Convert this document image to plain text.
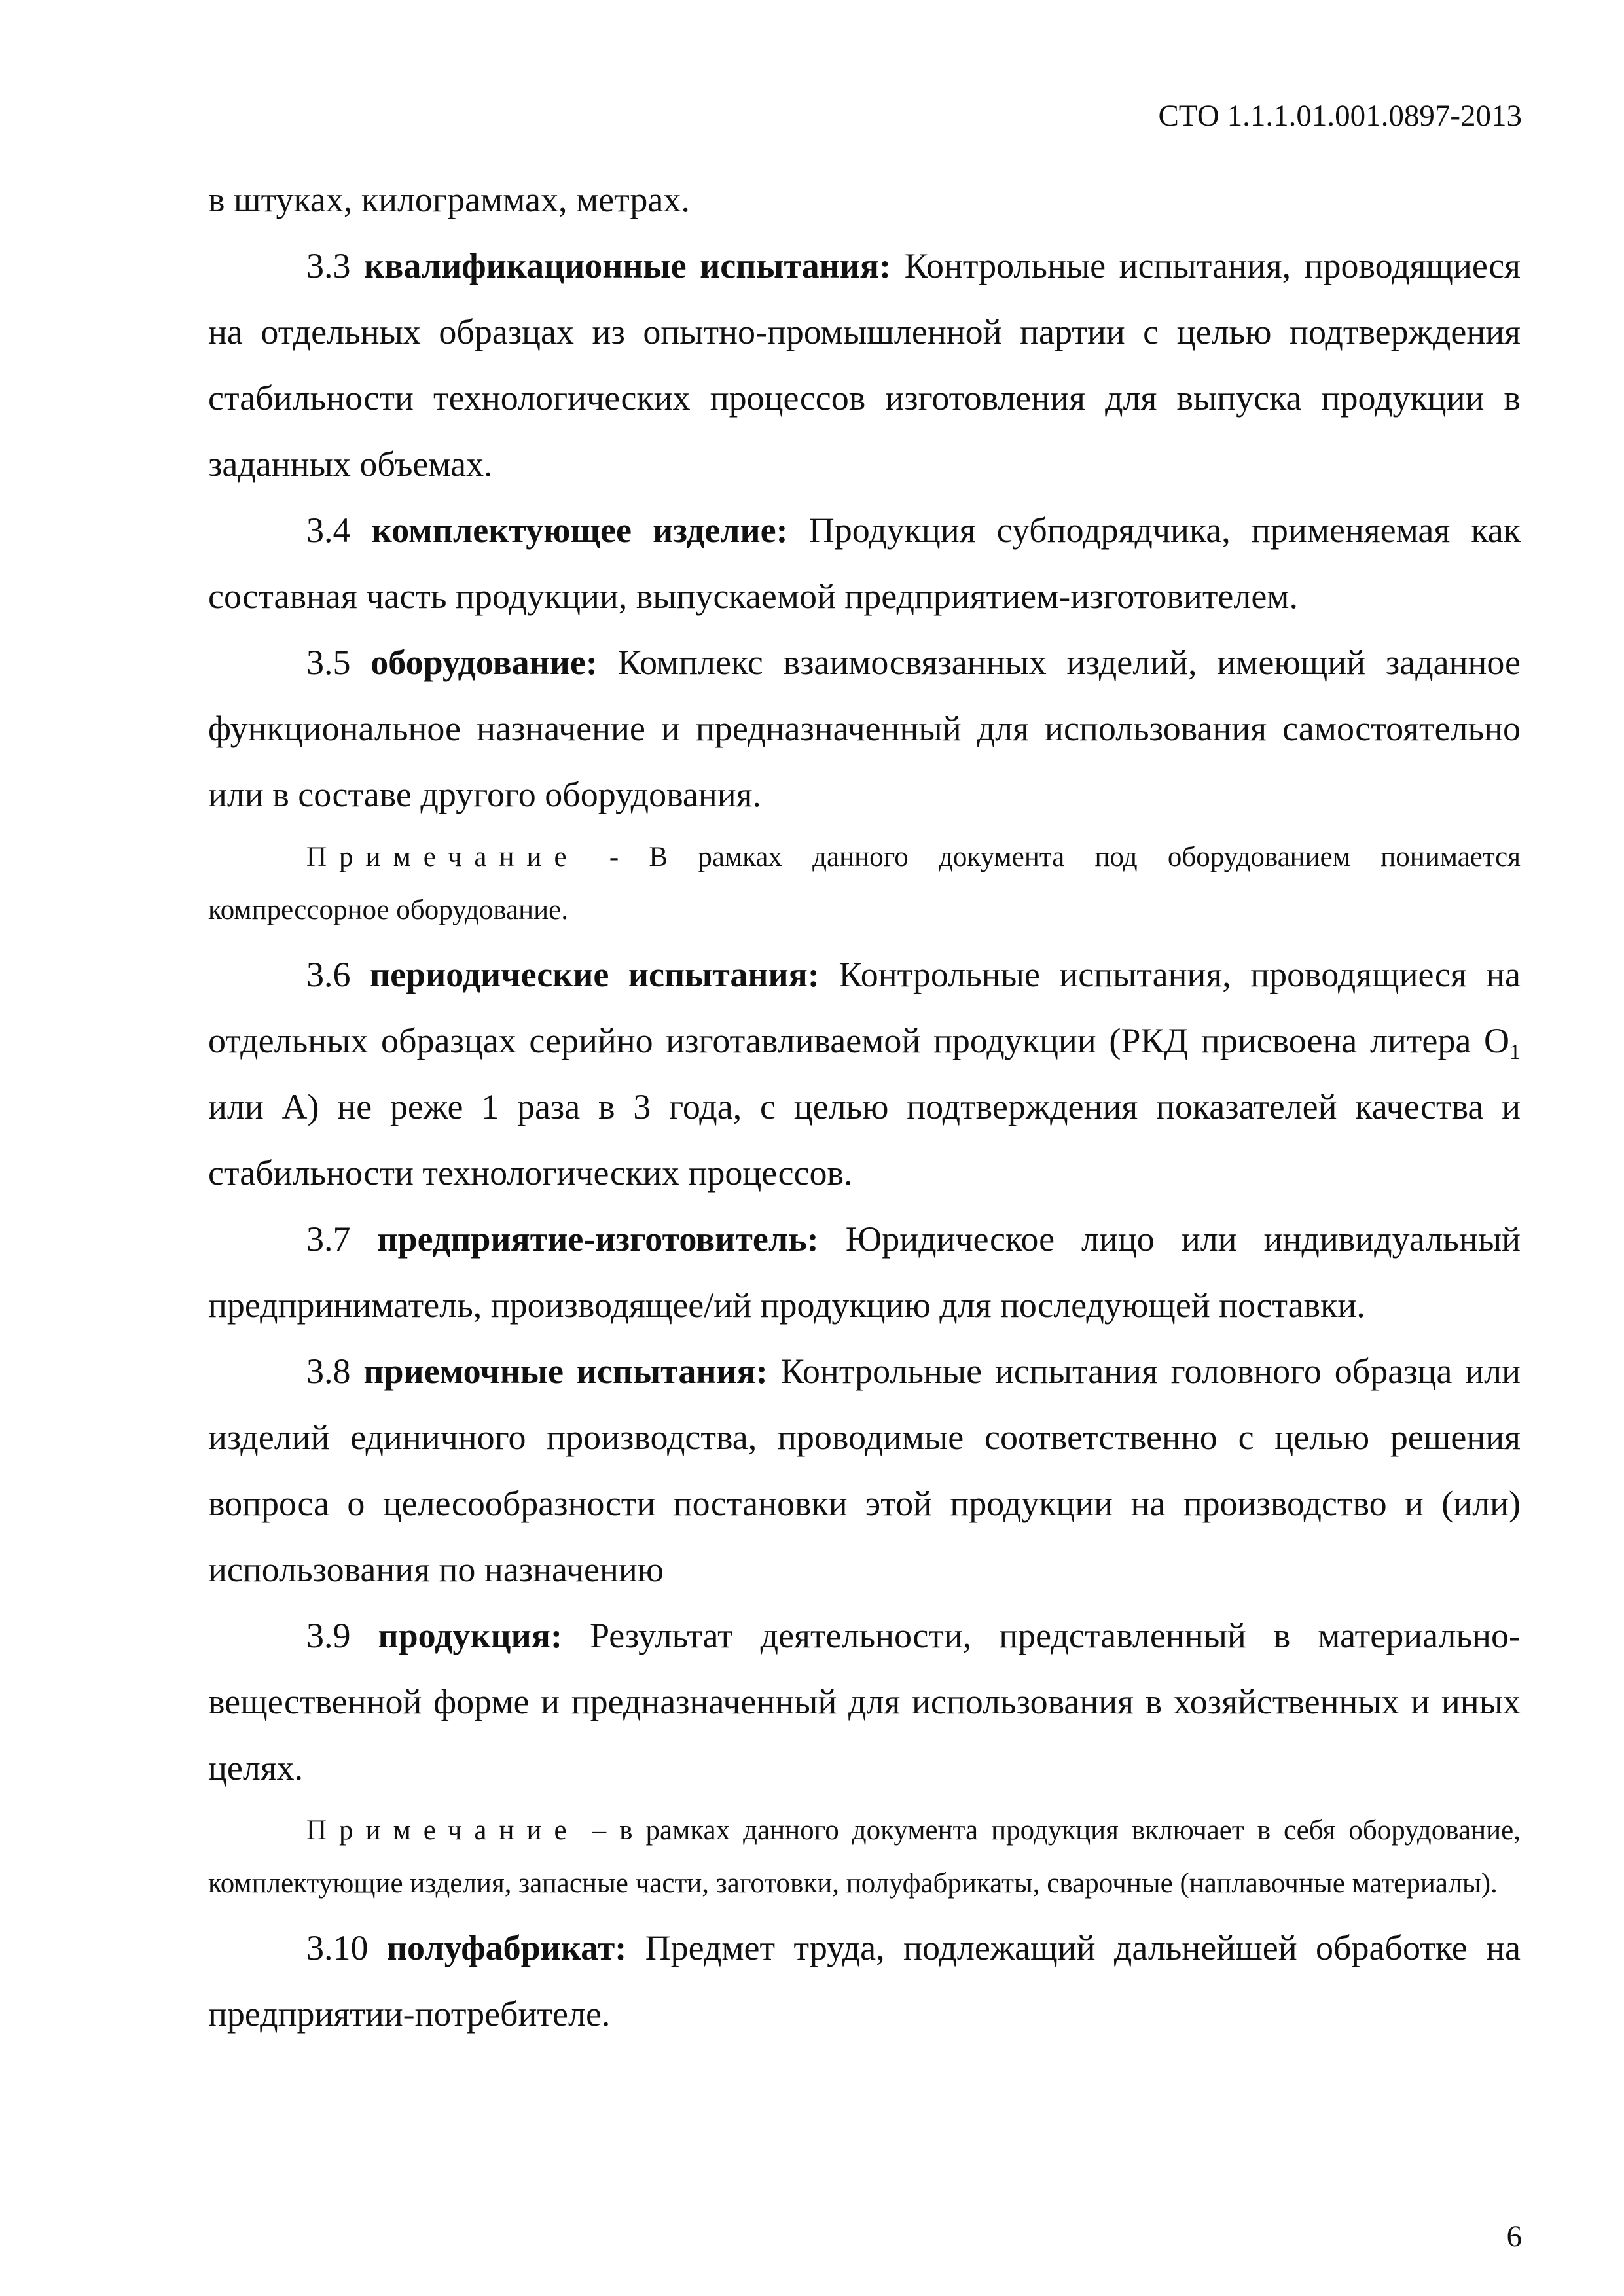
СТО 1.1.1.01.001.0897-2013

в штуках, килограммах, метрах.

3.3 квалификационные испытания: Контрольные испытания, проводящиеся на отдельных образцах из опытно-промышленной партии с целью подтверждения стабильности технологических процессов изготовления для выпуска продукции в заданных объемах.

3.4 комплектующее изделие: Продукция субподрядчика, применяемая как составная часть продукции, выпускаемой предприятием-изготовителем.

3.5 оборудование: Комплекс взаимосвязанных изделий, имеющий заданное функциональное назначение и предназначенный для использования самостоятельно или в составе другого оборудования.

Примечание - В рамках данного документа под оборудованием понимается компрессорное оборудование.

3.6 периодические испытания: Контрольные испытания, проводящиеся на отдельных образцах серийно изготавливаемой продукции (РКД присвоена литера $О_1$ или А) не реже 1 раза в 3 года, с целью подтверждения показателей качества и стабильности технологических процессов.

3.7 предприятие-изготовитель: Юридическое лицо или индивидуальный предприниматель, производящее/ий продукцию для последующей поставки.

3.8 приемочные испытания: Контрольные испытания головного образца или изделий единичного производства, проводимые соответственно с целью решения вопроса о целесообразности постановки этой продукции на производство и (или) использования по назначению

3.9 продукция: Результат деятельности, представленный в материально-вещественной форме и предназначенный для использования в хозяйственных и иных целях.

Примечание – в рамках данного документа продукция включает в себя оборудование, комплектующие изделия, запасные части, заготовки, полуфабрикаты, сварочные (наплавочные материалы).

3.10 полуфабрикат: Предмет труда, подлежащий дальнейшей обработке на предприятии-потребителе.

6
